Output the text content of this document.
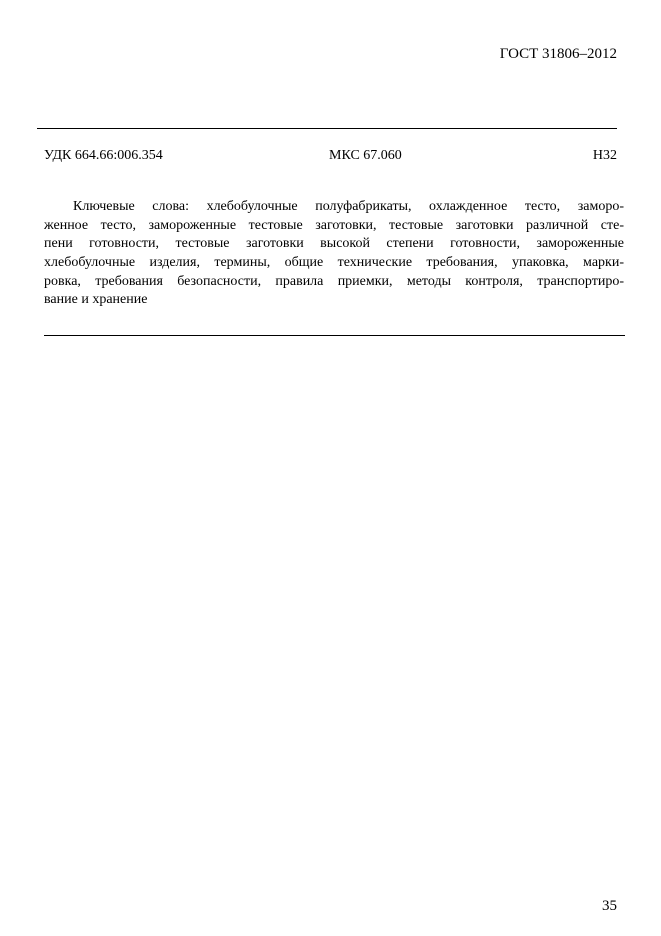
ГОСТ 31806–2012
УДК 664.66:006.354	МКС 67.060	Н32
Ключевые слова: хлебобулочные полуфабрикаты, охлажденное тесто, заморо-
женное тесто, замороженные тестовые заготовки, тестовые заготовки различной сте-
пени готовности, тестовые заготовки высокой степени готовности, замороженные
хлебобулочные изделия, термины, общие технические требования, упаковка, марки-
ровка, требования безопасности, правила приемки, методы контроля, транспортиро-
вание и хранение
35
